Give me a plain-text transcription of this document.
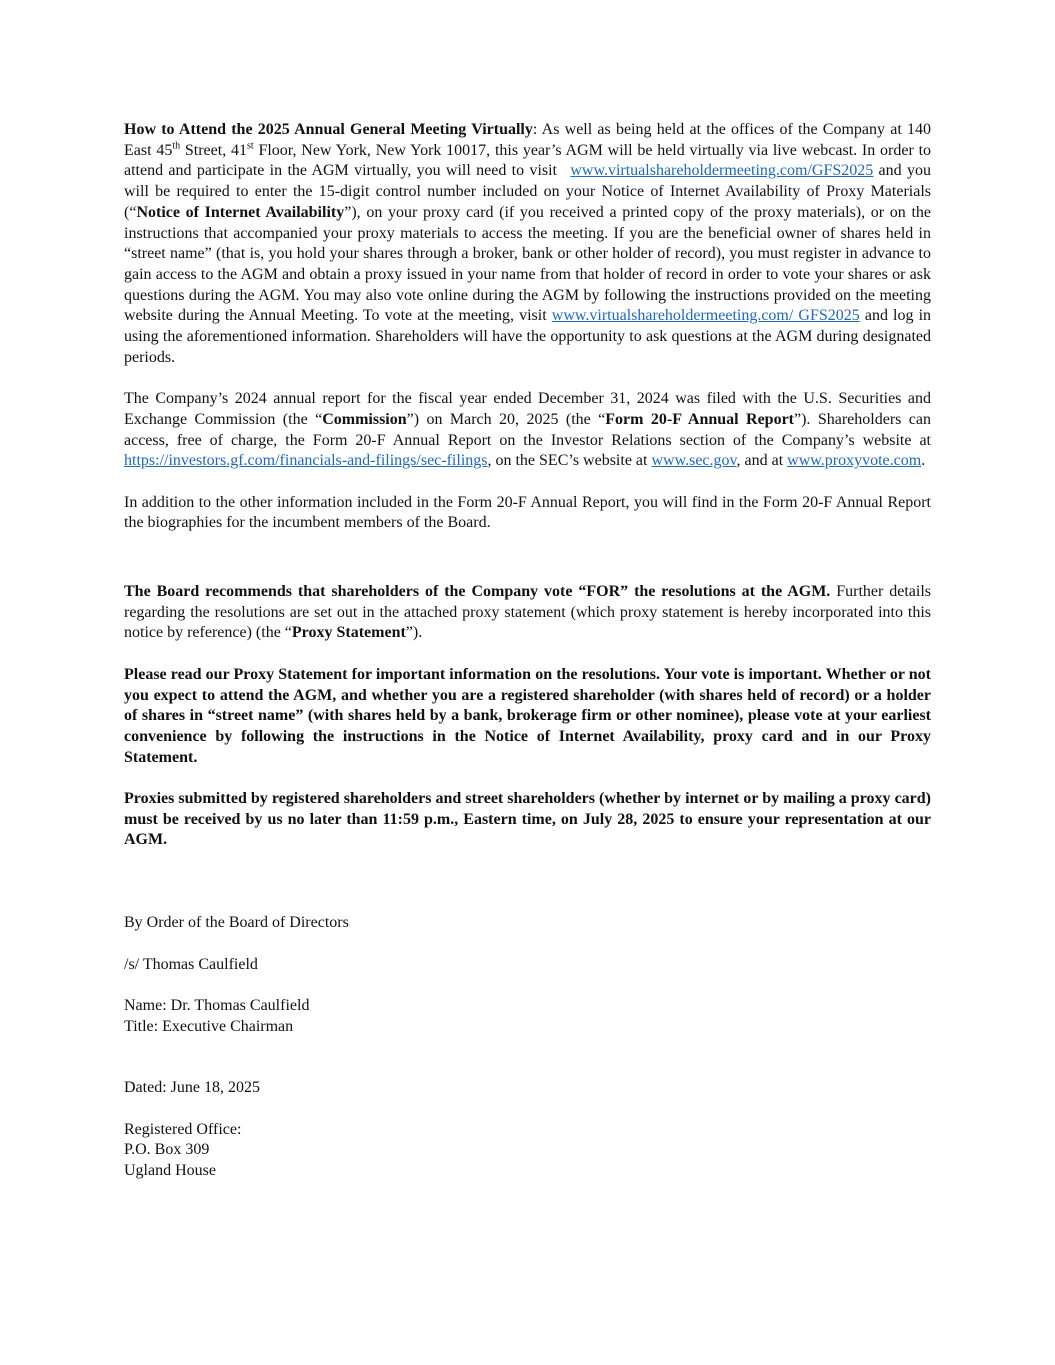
How to Attend the 2025 Annual General Meeting Virtually: As well as being held at the offices of the Company at 140 East 45th Street, 41st Floor, New York, New York 10017, this year’s AGM will be held virtually via live webcast. In order to attend and participate in the AGM virtually, you will need to visit www.virtualshareholdermeeting.com/GFS2025 and you will be required to enter the 15-digit control number included on your Notice of Internet Availability of Proxy Materials (“Notice of Internet Availability”), on your proxy card (if you received a printed copy of the proxy materials), or on the instructions that accompanied your proxy materials to access the meeting. If you are the beneficial owner of shares held in “street name” (that is, you hold your shares through a broker, bank or other holder of record), you must register in advance to gain access to the AGM and obtain a proxy issued in your name from that holder of record in order to vote your shares or ask questions during the AGM. You may also vote online during the AGM by following the instructions provided on the meeting website during the Annual Meeting. To vote at the meeting, visit www.virtualshareholdermeeting.com/ GFS2025 and log in using the aforementioned information. Shareholders will have the opportunity to ask questions at the AGM during designated periods.

The Company’s 2024 annual report for the fiscal year ended December 31, 2024 was filed with the U.S. Securities and Exchange Commission (the “Commission”) on March 20, 2025 (the “Form 20-F Annual Report”). Shareholders can access, free of charge, the Form 20-F Annual Report on the Investor Relations section of the Company’s website at https://investors.gf.com/financials-and-filings/sec-filings, on the SEC’s website at www.sec.gov, and at www.proxyvote.com.

In addition to the other information included in the Form 20-F Annual Report, you will find in the Form 20-F Annual Report the biographies for the incumbent members of the Board.

The Board recommends that shareholders of the Company vote “FOR” the resolutions at the AGM. Further details regarding the resolutions are set out in the attached proxy statement (which proxy statement is hereby incorporated into this notice by reference) (the “Proxy Statement”).

Please read our Proxy Statement for important information on the resolutions. Your vote is important. Whether or not you expect to attend the AGM, and whether you are a registered shareholder (with shares held of record) or a holder of shares in “street name” (with shares held by a bank, brokerage firm or other nominee), please vote at your earliest convenience by following the instructions in the Notice of Internet Availability, proxy card and in our Proxy Statement.

Proxies submitted by registered shareholders and street shareholders (whether by internet or by mailing a proxy card) must be received by us no later than 11:59 p.m., Eastern time, on July 28, 2025 to ensure your representation at our AGM.

By Order of the Board of Directors

/s/ Thomas Caulfield

Name: Dr. Thomas Caulfield

Title: Executive Chairman

Dated: June 18, 2025

Registered Office:

P.O. Box 309

Ugland House
